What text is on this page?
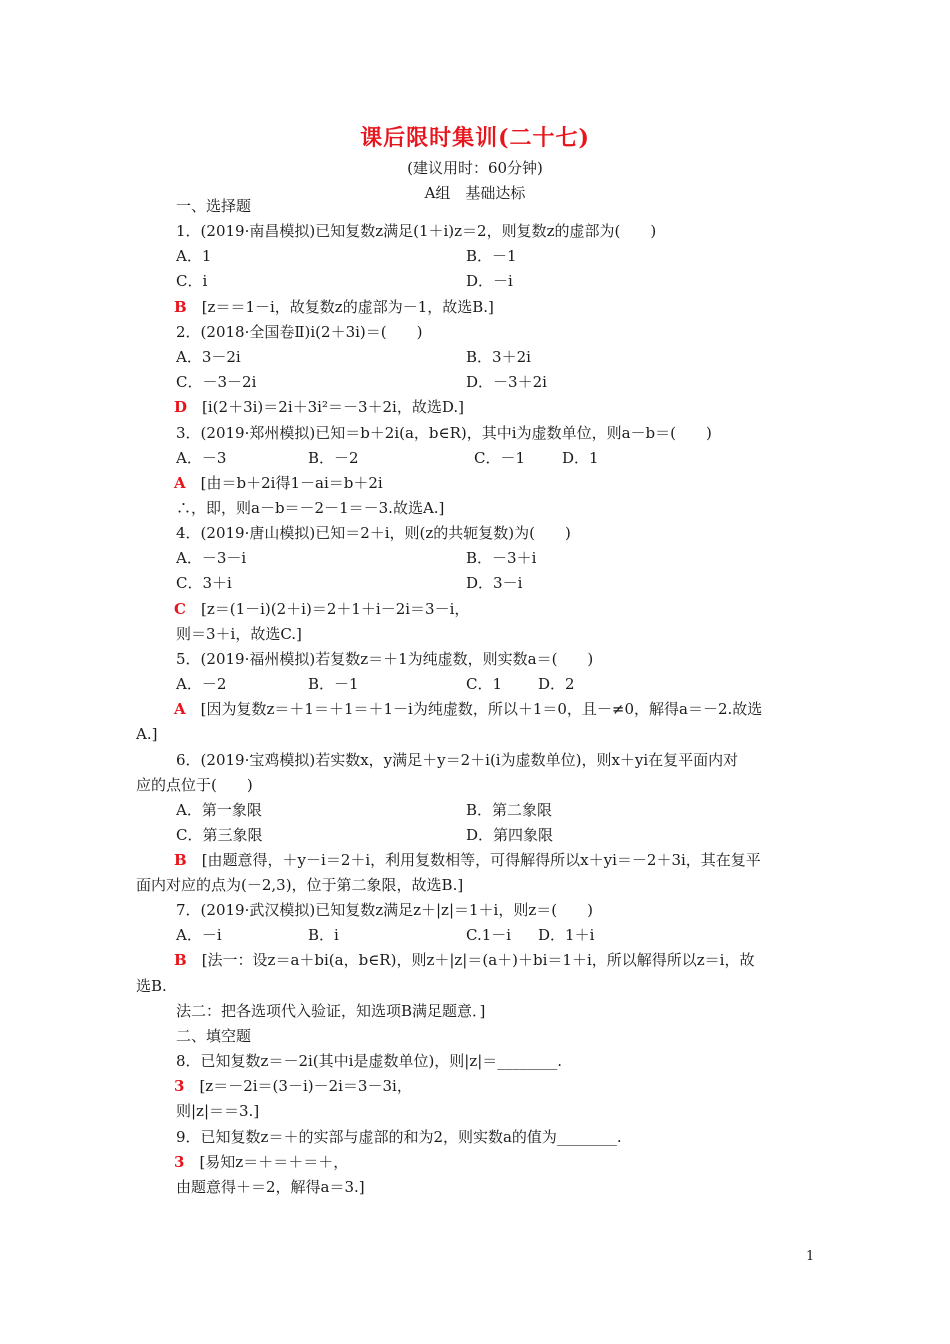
课后限时集训(二十七)
(建议用时：60分钟)
A组　基础达标
一、选择题
1．(2019·南昌模拟)已知复数z满足(1＋i)z＝2，则复数z的虚部为(　　)
A．1	B．－1
C．i	D．－i
B　 [z＝＝1－i，故复数z的虚部为－1，故选B.]
2．(2018·全国卷Ⅱ)i(2＋3i)＝(　　)
A．3－2i	B．3＋2i
C．－3－2i	D．－3＋2i
D　 [i(2＋3i)＝2i＋3i²＝－3＋2i，故选D.]
3．(2019·郑州模拟)已知＝b＋2i(a，b∈R)，其中i为虚数单位，则a－b＝(　　)
A．－3	B．－2	C．－1 D．1
A　 [由＝b＋2i得1－ai＝b＋2i
∴，即，则a－b＝－2－1＝－3.故选A.]
4．(2019·唐山模拟)已知＝2＋i，则(z的共轭复数)为(　　)
A．－3－i	B．－3＋i
C．3＋i	D．3－i
C　 [z＝(1－i)(2＋i)＝2＋1＋i－2i＝3－i，
则＝3＋i，故选C.]
5．(2019·福州模拟)若复数z＝＋1为纯虚数，则实数a＝(　　)
A．－2	B．－1	C．1 D．2
A　 [因为复数z＝＋1＝＋1＝＋1－i为纯虚数，所以＋1＝0，且－≠0，解得a＝－2.故选
A.]
6．(2019·宝鸡模拟)若实数x，y满足＋y＝2＋i(i为虚数单位)，则x＋yi在复平面内对
应的点位于(　　)
A．第一象限	B．第二象限
C．第三象限	D．第四象限
B　 [由题意得，＋y－i＝2＋i，利用复数相等，可得解得所以x＋yi＝－2＋3i，其在复平
面内对应的点为(－2,3)，位于第二象限，故选B.]
7．(2019·武汉模拟)已知复数z满足z＋|z|＝1＋i，则z＝(　　)
A．－i	B．i	C.1－i D．1＋i
B　 [法一：设z＝a＋bi(a，b∈R)，则z＋|z|＝(a＋)＋bi＝1＋i，所以解得所以z＝i，故
选B.
法二：把各选项代入验证，知选项B满足题意．]
二、填空题
8．已知复数z＝－2i(其中i是虚数单位)，则|z|＝________.
3　 [z＝－2i＝(3－i)－2i＝3－3i，
则|z|＝＝3.]
9．已知复数z＝＋的实部与虚部的和为2，则实数a的值为________.
3　 [易知z＝＋＝＋＝＋，
由题意得＋＝2，解得a＝3.]
1
